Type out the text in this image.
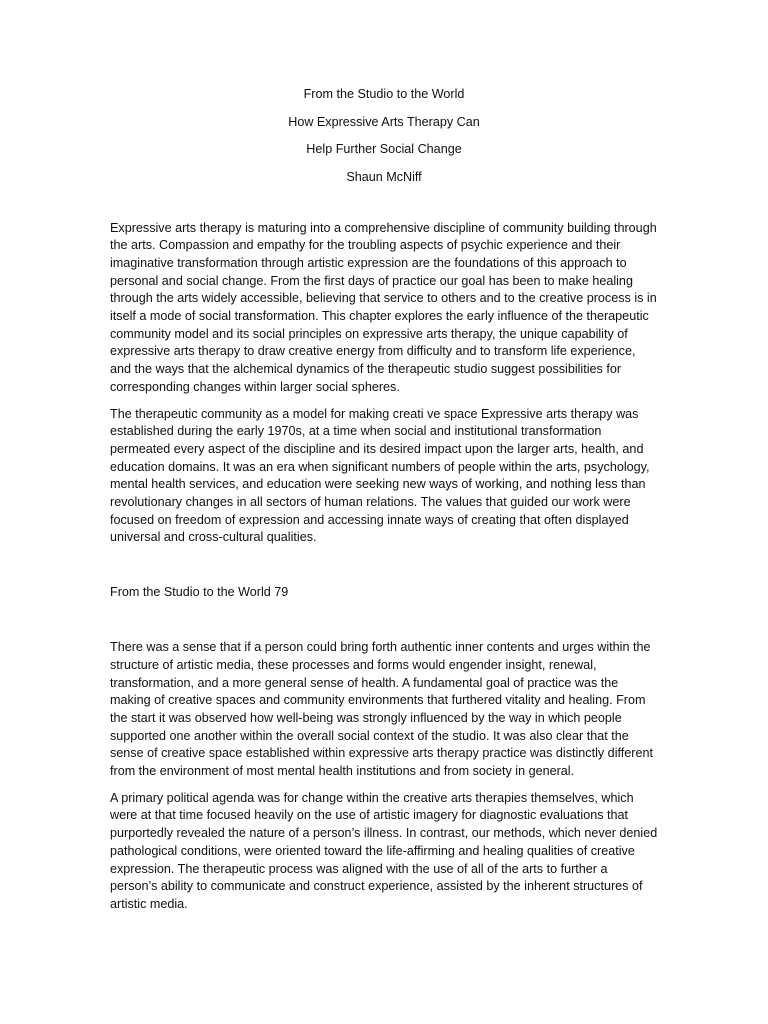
From the Studio to the World

How Expressive Arts Therapy Can

Help Further Social Change

Shaun McNiff

Expressive arts therapy is maturing into a comprehensive discipline of community building through the arts. Compassion and empathy for the troubling aspects of psychic experience and their imaginative transformation through artistic expression are the foundations of this approach to personal and social change. From the first days of practice our goal has been to make healing through the arts widely accessible, believing that service to others and to the creative process is in itself a mode of social transformation. This chapter explores the early influence of the therapeutic community model and its social principles on expressive arts therapy, the unique capability of expressive arts therapy to draw creative energy from difficulty and to transform life experience, and the ways that the alchemical dynamics of the therapeutic studio suggest possibilities for corresponding changes within larger social spheres.

The therapeutic community as a model for making creati ve space Expressive arts therapy was established during the early 1970s, at a time when social and institutional transformation permeated every aspect of the discipline and its desired impact upon the larger arts, health, and education domains. It was an era when significant numbers of people within the arts, psychology, mental health services, and education were seeking new ways of working, and nothing less than revolutionary changes in all sectors of human relations. The values that guided our work were focused on freedom of expression and accessing innate ways of creating that often displayed universal and cross-cultural qualities.

From the Studio to the World 79

There was a sense that if a person could bring forth authentic inner contents and urges within the structure of artistic media, these processes and forms would engender insight, renewal, transformation, and a more general sense of health. A fundamental goal of practice was the making of creative spaces and community environments that furthered vitality and healing. From the start it was observed how well-being was strongly influenced by the way in which people supported one another within the overall social context of the studio. It was also clear that the sense of creative space established within expressive arts therapy practice was distinctly different from the environment of most mental health institutions and from society in general.

A primary political agenda was for change within the creative arts therapies themselves, which were at that time focused heavily on the use of artistic imagery for diagnostic evaluations that purportedly revealed the nature of a person’s illness. In contrast, our methods, which never denied pathological conditions, were oriented toward the life-affirming and healing qualities of creative expression. The therapeutic process was aligned with the use of all of the arts to further a person’s ability to communicate and construct experience, assisted by the inherent structures of artistic media.
